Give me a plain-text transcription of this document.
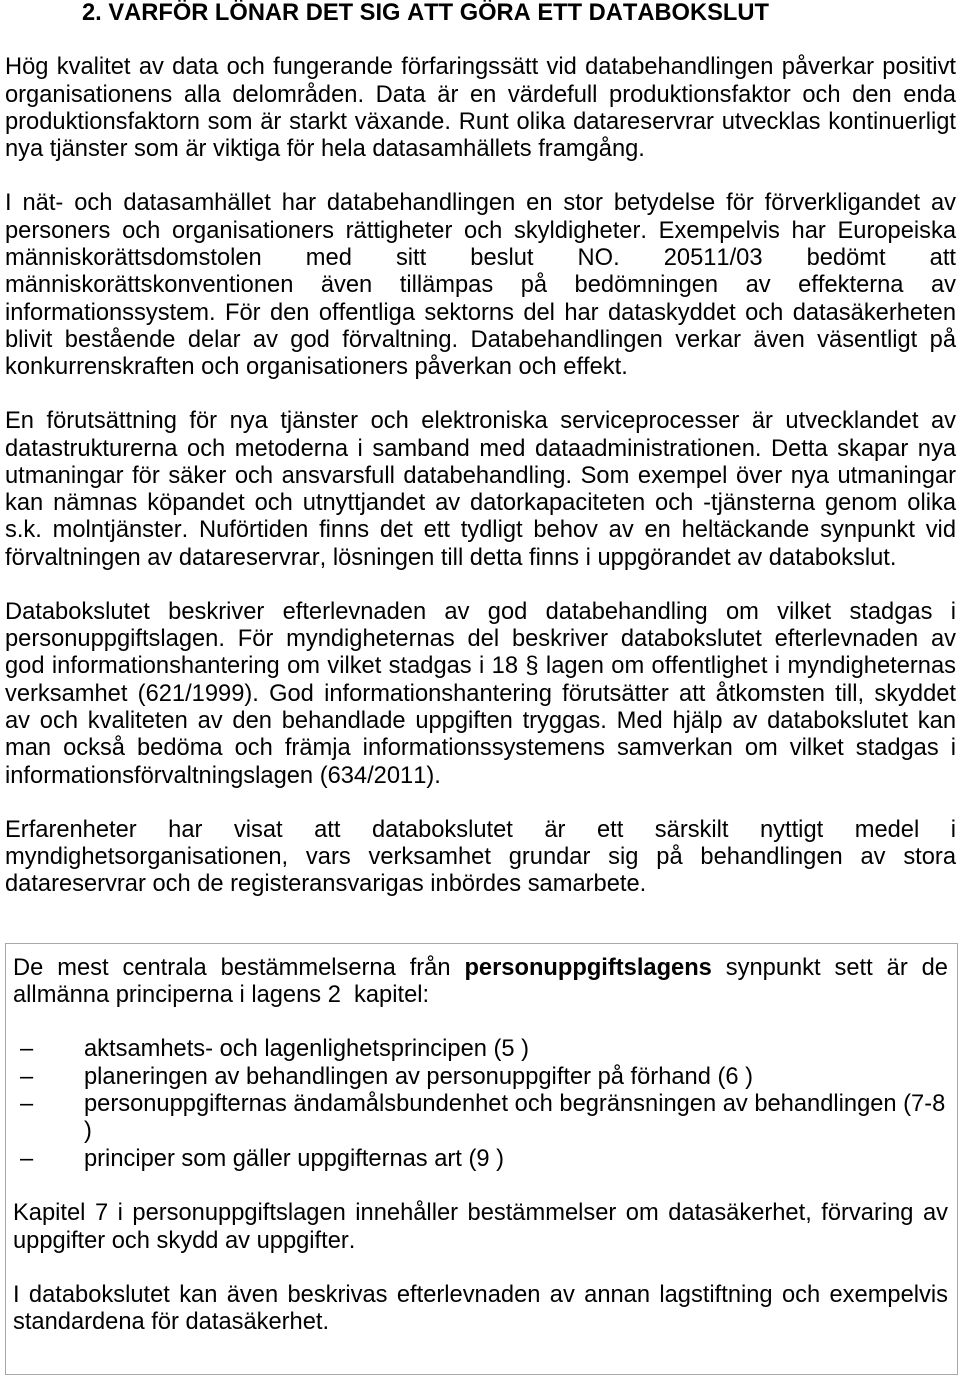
2. VARFÖR LÖNAR DET SIG ATT GÖRA ETT DATABOKSLUT

Hög kvalitet av data och fungerande förfaringssätt vid databehandlingen påverkar positivt organisationens alla delområden. Data är en värdefull produktionsfaktor och den enda produktionsfaktorn som är starkt växande. Runt olika datareservrar utvecklas kontinuerligt nya tjänster som är viktiga för hela datasamhällets framgång.

I nät- och datasamhället har databehandlingen en stor betydelse för förverkligandet av personers och organisationers rättigheter och skyldigheter. Exempelvis har Europeiska människorättsdomstolen med sitt beslut NO. 20511/03 bedömt att människorättskonventionen även tillämpas på bedömningen av effekterna av informationssystem. För den offentliga sektorns del har dataskyddet och datasäkerheten blivit bestående delar av god förvaltning. Databehandlingen verkar även väsentligt på konkurrenskraften och organisationers påverkan och effekt.

En förutsättning för nya tjänster och elektroniska serviceprocesser är utvecklandet av datastrukturerna och metoderna i samband med dataadministrationen. Detta skapar nya utmaningar för säker och ansvarsfull databehandling. Som exempel över nya utmaningar kan nämnas köpandet och utnyttjandet av datorkapaciteten och -tjänsterna genom olika s.k. molntjänster. Nuförtiden finns det ett tydligt behov av en heltäckande synpunkt vid förvaltningen av datareservrar, lösningen till detta finns i uppgörandet av databokslut.

Databokslutet beskriver efterlevnaden av god databehandling om vilket stadgas i personuppgiftslagen. För myndigheternas del beskriver databokslutet efterlevnaden av god informationshantering om vilket stadgas i 18 § lagen om offentlighet i myndigheternas verksamhet (621/1999). God informationshantering förutsätter att åtkomsten till, skyddet av och kvaliteten av den behandlade uppgiften tryggas. Med hjälp av databokslutet kan man också bedöma och främja informationssystemens samverkan om vilket stadgas i informationsförvaltningslagen (634/2011).

Erfarenheter har visat att databokslutet är ett särskilt nyttigt medel i myndighetsorganisationen, vars verksamhet grundar sig på behandlingen av stora datareservrar och de registeransvarigas inbördes samarbete.

De mest centrala bestämmelserna från personuppgiftslagens synpunkt sett är de allmänna principerna i lagens 2  kapitel:

– aktsamhets- och lagenlighetsprincipen (5 )
– planeringen av behandlingen av personuppgifter på förhand (6 )
– personuppgifternas ändamålsbundenhet och begränsningen av behandlingen (7-8 )
– principer som gäller uppgifternas art (9 )

Kapitel 7 i personuppgiftslagen innehåller bestämmelser om datasäkerhet, förvaring av uppgifter och skydd av uppgifter.

I databokslutet kan även beskrivas efterlevnaden av annan lagstiftning och exempelvis standardena för datasäkerhet.
